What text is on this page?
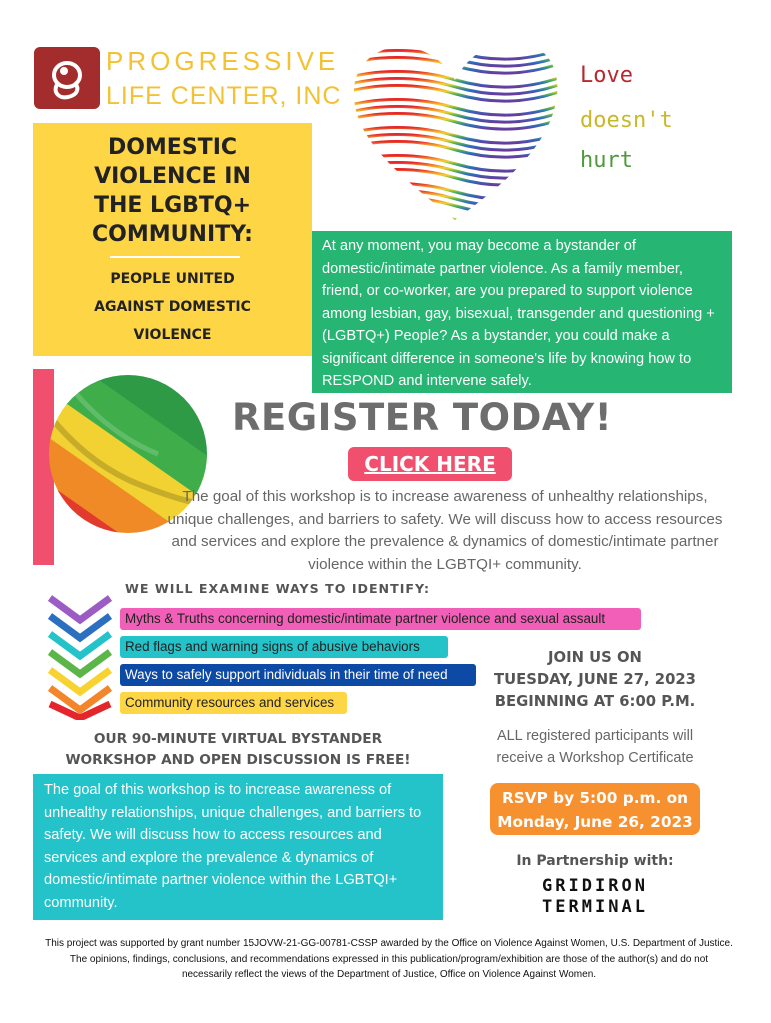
PROGRESSIVE
LIFE CENTER, INC
Love
doesn't
hurt
DOMESTIC
VIOLENCE IN
THE LGBTQ+
COMMUNITY:
PEOPLE UNITED
AGAINST DOMESTIC
VIOLENCE
At any moment, you may become a bystander of domestic/intimate partner violence. As a family member, friend, or co-worker, are you prepared to support violence among lesbian, gay, bisexual, transgender and questioning + (LGBTQ+) People? As a bystander, you could make a significant difference in someone's life by knowing how to RESPOND and intervene safely.
REGISTER TODAY!
CLICK HERE
The goal of this workshop is to increase awareness of unhealthy relationships, unique challenges, and barriers to safety. We will discuss how to access resources and services and explore the prevalence & dynamics of domestic/intimate partner violence within the LGBTQI+ community.
WE WILL EXAMINE WAYS TO IDENTIFY:
Myths & Truths concerning domestic/intimate partner violence and sexual assault
Red flags and warning signs of abusive behaviors
Ways to safely support individuals in their time of need
Community resources and services
JOIN US ON
TUESDAY, JUNE 27, 2023
BEGINNING AT 6:00 P.M.
ALL registered participants will
receive a Workshop Certificate
OUR 90-MINUTE VIRTUAL BYSTANDER
WORKSHOP AND OPEN DISCUSSION IS FREE!
The goal of this workshop is to increase awareness of unhealthy relationships, unique challenges, and barriers to safety. We will discuss how to access resources and services and explore the prevalence & dynamics of domestic/intimate partner violence within the LGBTQI+ community.
RSVP by 5:00 p.m. on
Monday, June 26, 2023
In Partnership with:
GRIDIRON
TERMINAL
This project was supported by grant number 15JOVW-21-GG-00781-CSSP awarded by the Office on Violence Against Women, U.S. Department of Justice. The opinions, findings, conclusions, and recommendations expressed in this publication/program/exhibition are those of the author(s) and do not necessarily reflect the views of the Department of Justice, Office on Violence Against Women.
